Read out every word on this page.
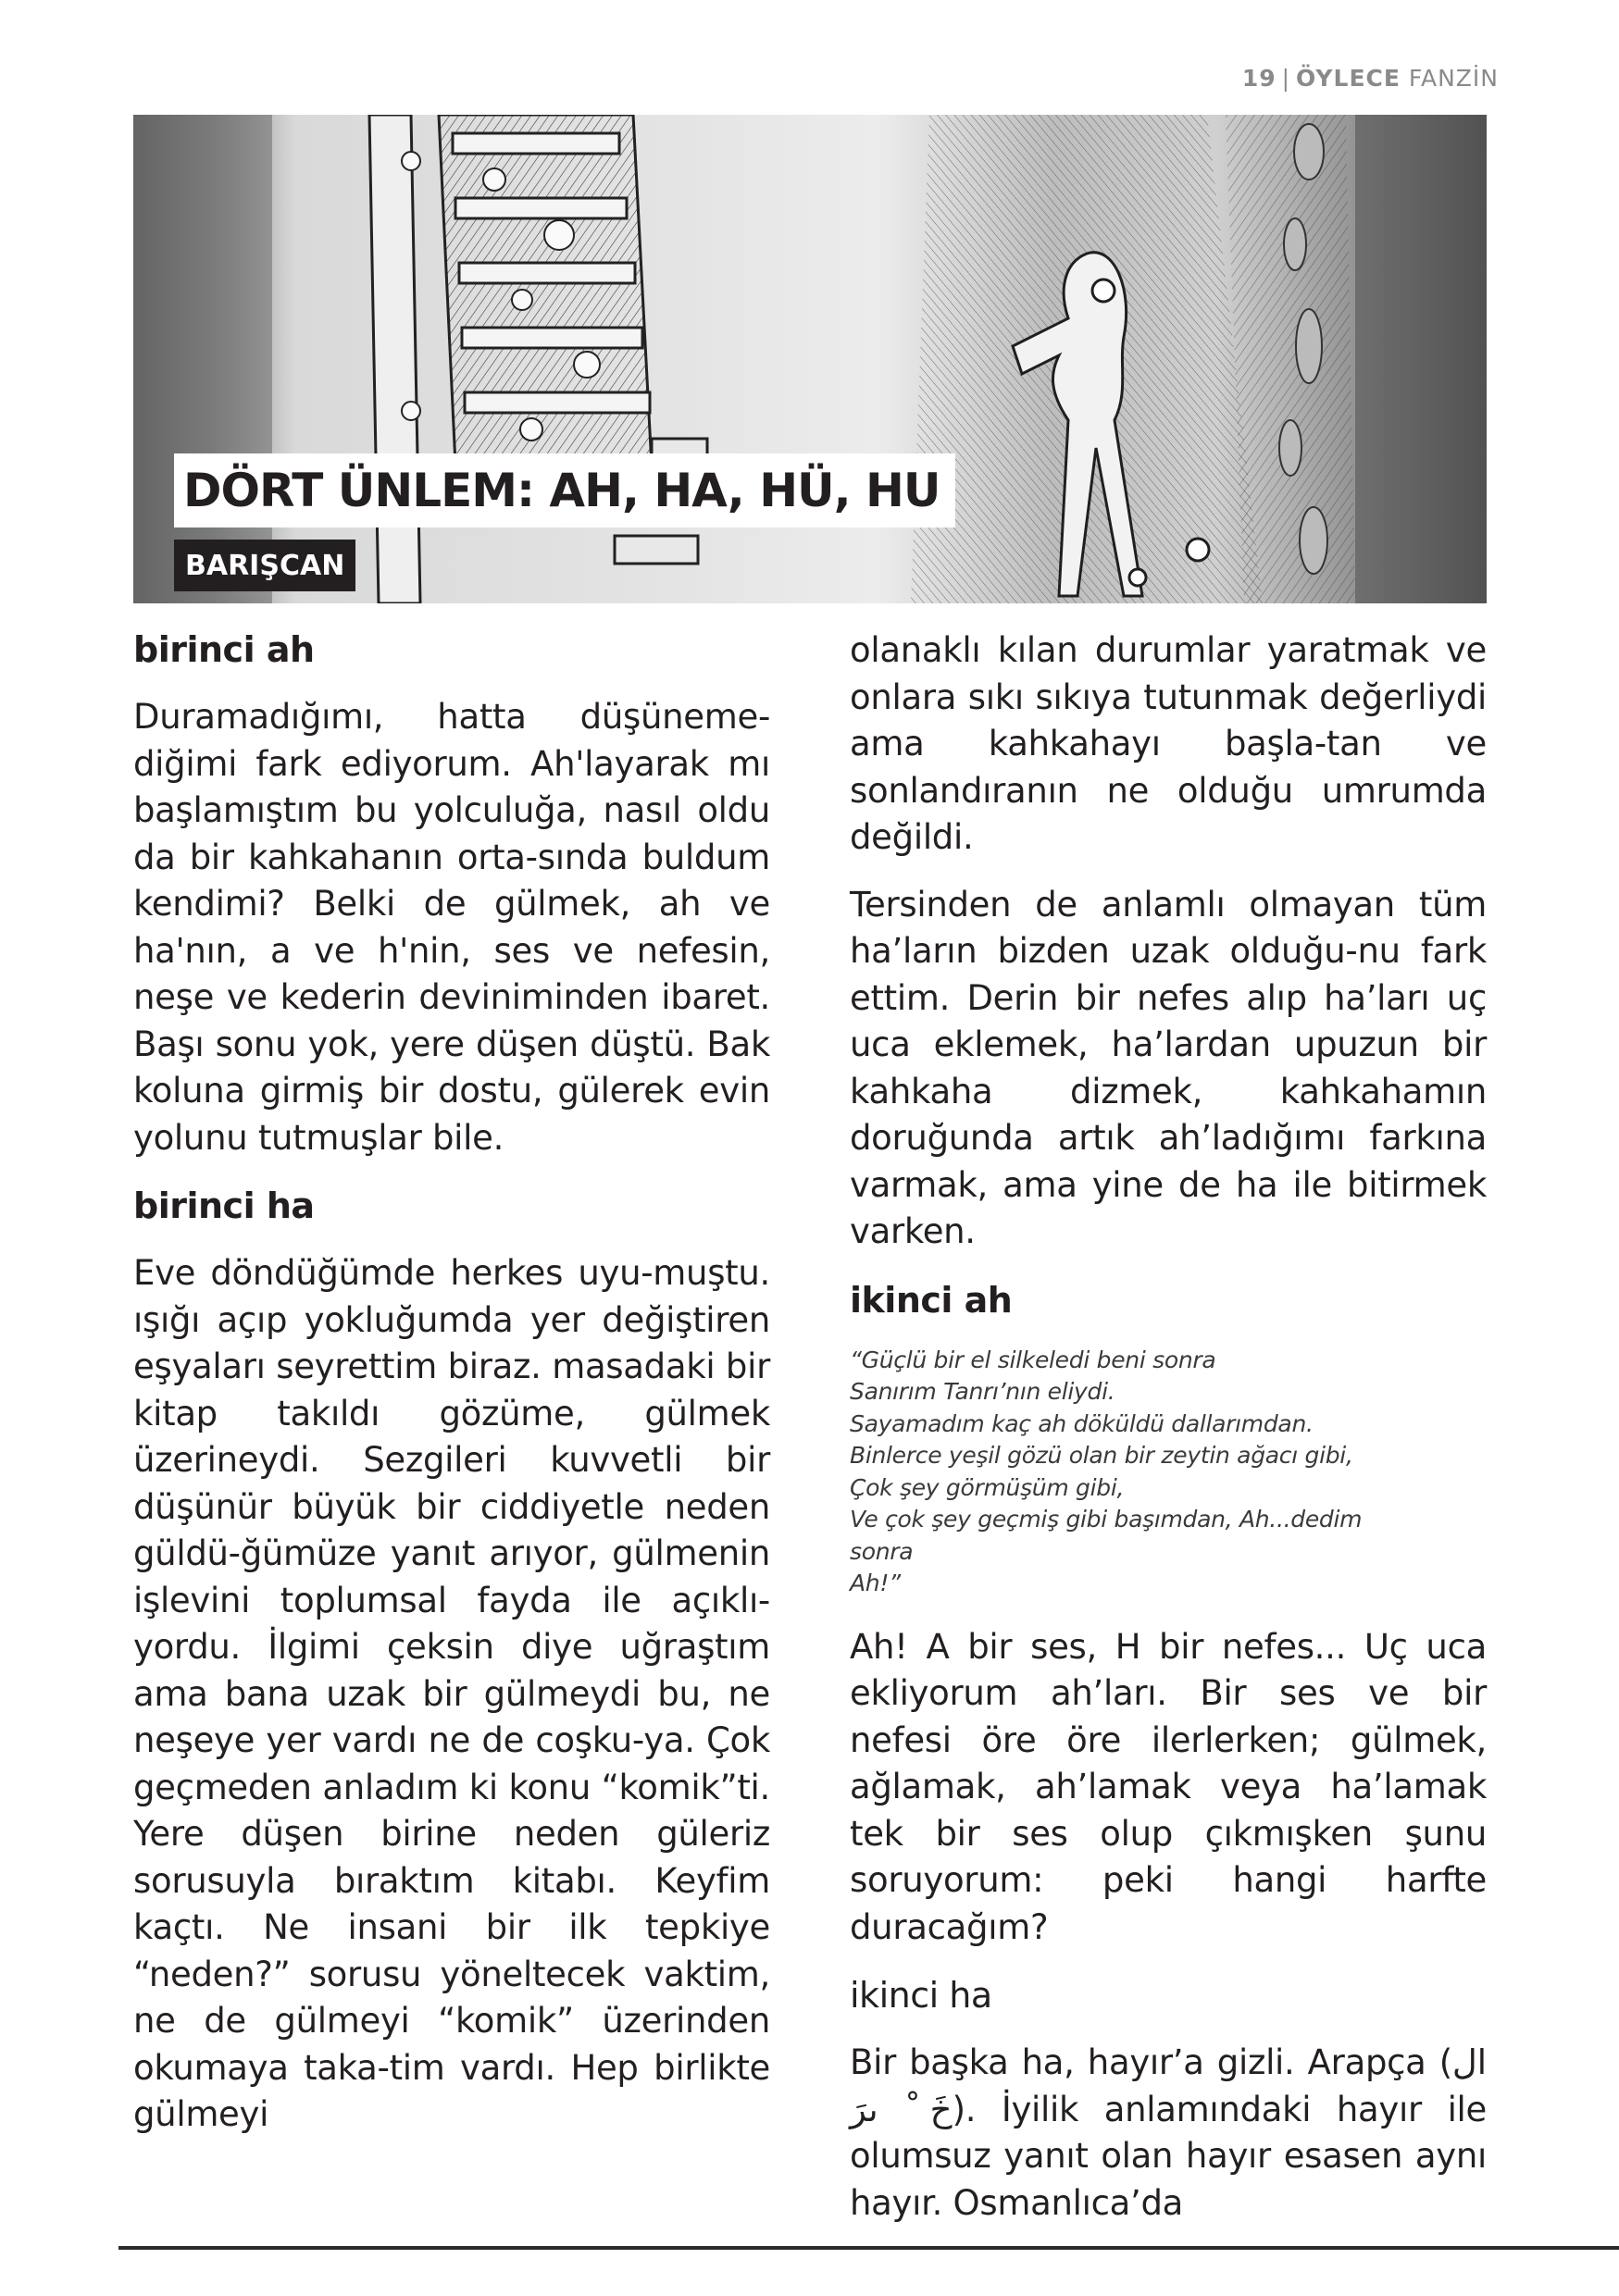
19 | ÖYLECE FANZİN
DÖRT ÜNLEM: AH, HA, HÜ, HU
BARIŞCAN
birinci ah

Duramadığımı, hatta düşüneme-diğimi fark ediyorum. Ah'layarak mı başlamıştım bu yolculuğa, nasıl oldu da bir kahkahanın orta-sında buldum kendimi? Belki de gülmek, ah ve ha'nın, a ve h'nin, ses ve nefesin, neşe ve kederin deviniminden ibaret. Başı sonu yok, yere düşen düştü. Bak koluna girmiş bir dostu, gülerek evin yolunu tutmuşlar bile.

birinci ha

Eve döndüğümde herkes uyu-muştu. ışığı açıp yokluğumda yer değiştiren eşyaları seyrettim biraz. masadaki bir kitap takıldı gözüme, gülmek üzerineydi. Sezgileri kuvvetli bir düşünür büyük bir ciddiyetle neden güldü-ğümüze yanıt arıyor, gülmenin işlevini toplumsal fayda ile açıklı-yordu. İlgimi çeksin diye uğraştım ama bana uzak bir gülmeydi bu, ne neşeye yer vardı ne de coşku-ya. Çok geçmeden anladım ki konu “komik”ti. Yere düşen birine neden güleriz sorusuyla bıraktım kitabı. Keyfim kaçtı. Ne insani bir ilk tepkiye “neden?” sorusu yöneltecek vaktim, ne de gülmeyi “komik” üzerinden okumaya taka-tim vardı. Hep birlikte gülmeyi

olanaklı kılan durumlar yaratmak ve onlara sıkı sıkıya tutunmak değerliydi ama kahkahayı başla-tan ve sonlandıranın ne olduğu umrumda değildi.

Tersinden de anlamlı olmayan tüm ha’ların bizden uzak olduğu-nu fark ettim. Derin bir nefes alıp ha’ları uç uca eklemek, ha’lardan upuzun bir kahkaha dizmek, kahkahamın doruğunda artık ah’ladığımı farkına varmak, ama yine de ha ile bitirmek varken.

ikinci ah
“Güçlü bir el silkeledi beni sonra
Sanırım Tanrı’nın eliydi.
Sayamadım kaç ah döküldü dallarımdan.
Binlerce yeşil gözü olan bir zeytin ağacı gibi,
Çok şey görmüşüm gibi,
Ve çok şey geçmiş gibi başımdan, Ah...dedim
sonra
Ah!”

Ah! A bir ses, H bir nefes... Uç uca ekliyorum ah’ları. Bir ses ve bir nefesi öre öre ilerlerken; gülmek, ağlamak, ah’lamak veya ha’lamak tek bir ses olup çıkmışken şunu soruyorum: peki hangi harfte duracağım?

ikinci ha

Bir başka ha, hayır’a gizli. Arapça (ال خَ ْ ىرَ). İyilik anlamındaki hayır ile olumsuz yanıt olan hayır esasen aynı hayır. Osmanlıca’da
